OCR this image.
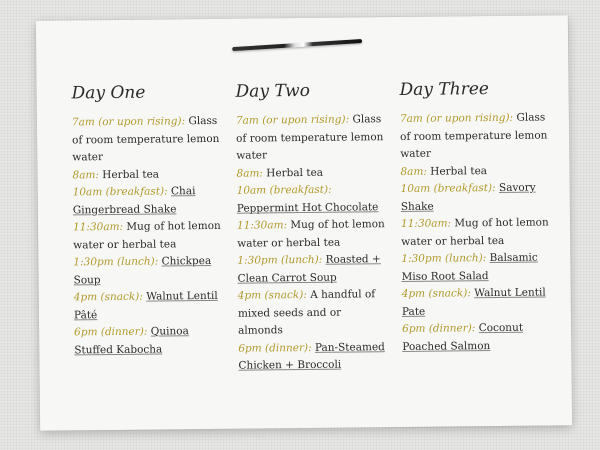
Day One

7am (or upon rising): Glass of room temperature lemon water

8am: Herbal tea

10am (breakfast): Chai Gingerbread Shake

11:30am: Mug of hot lemon water or herbal tea

1:30pm (lunch): Chickpea Soup

4pm (snack): Walnut Lentil Pâté

6pm (dinner): Quinoa Stuffed Kabocha

Day Two

7am (or upon rising): Glass of room temperature lemon water

8am: Herbal tea

10am (breakfast): Peppermint Hot Chocolate

11:30am: Mug of hot lemon water or herbal tea

1:30pm (lunch): Roasted + Clean Carrot Soup

4pm (snack): A handful of mixed seeds and or almonds

6pm (dinner): Pan-Steamed Chicken + Broccoli

Day Three

7am (or upon rising): Glass of room temperature lemon water

8am: Herbal tea

10am (breakfast): Savory Shake

11:30am: Mug of hot lemon water or herbal tea

1:30pm (lunch): Balsamic Miso Root Salad

4pm (snack): Walnut Lentil Pate

6pm (dinner): Coconut Poached Salmon
